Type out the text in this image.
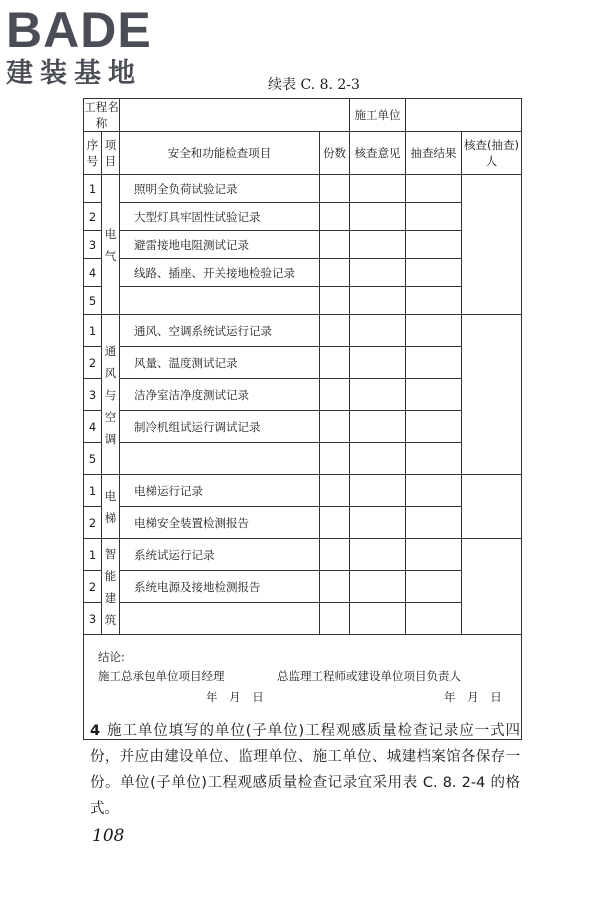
BADE
建装基地	续表 C. 8. 2-3
工程名称				施工单位		
序号	项目	安全和功能检查项目	份数	核查意见	抽查结果	核查(抽查)人
1	电气	照明全负荷试验记录				
2		大型灯具牢固性试验记录				
3		避雷接地电阻测试记录				
4		线路、插座、开关接地检验记录				
5						
1	通风与空调	通风、空调系统试运行记录				
2		风量、温度测试记录				
3		洁净室洁净度测试记录				
4		制冷机组试运行调试记录				
5						
1	电梯	电梯运行记录				
2		电梯安全装置检测报告				
1	智能建筑	系统试运行记录				
2		系统电源及接地检测报告				
3						

结论:
施工总承包单位项目经理 总监理工程师或建设单位项目负责人
年 月 日 年 月 日						
4 施工单位填写的单位(子单位)工程观感质量检查记录应一式四份，并应由建设单位、监理单位、施工单位、城建档案馆各保存一份。单位(子单位)工程观感质量检查记录宜采用表 C. 8. 2-4 的格式。
108
